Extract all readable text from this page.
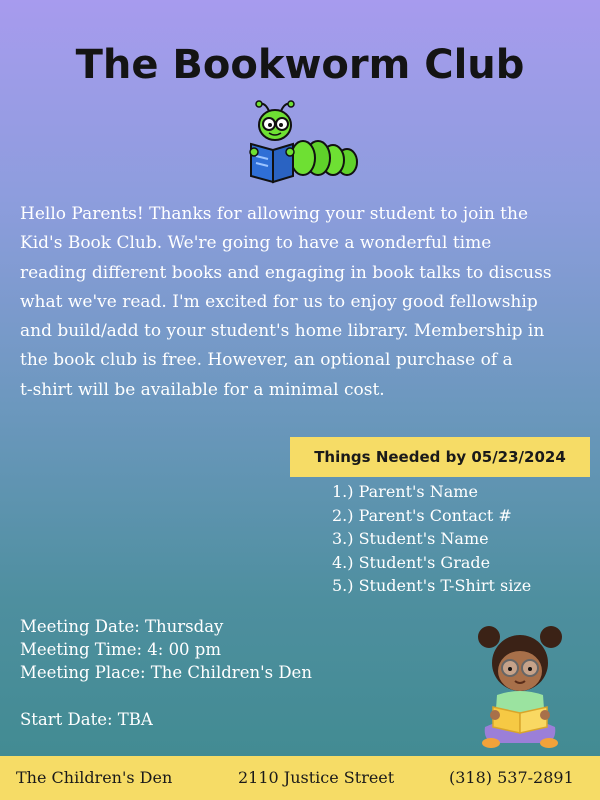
The Bookworm Club

Hello Parents! Thanks for allowing your student to join the
Kid's Book Club. We're going to have a wonderful time
reading different books and engaging in book talks to discuss
what we've read. I'm excited for us to enjoy good fellowship
and build/add to your student's home library. Membership in
the book club is free. However, an optional purchase of a
t-shirt will be available for a minimal cost.

Things Needed by 05/23/2024
1.) Parent's Name
2.) Parent's Contact #
3.) Student's Name
4.) Student's Grade
5.) Student's T-Shirt size
Meeting Date: Thursday
Meeting Time: 4: 00 pm
Meeting Place: The Children's Den
Start Date: TBA
The Children's Den	2110 Justice Street	(318) 537-2891
